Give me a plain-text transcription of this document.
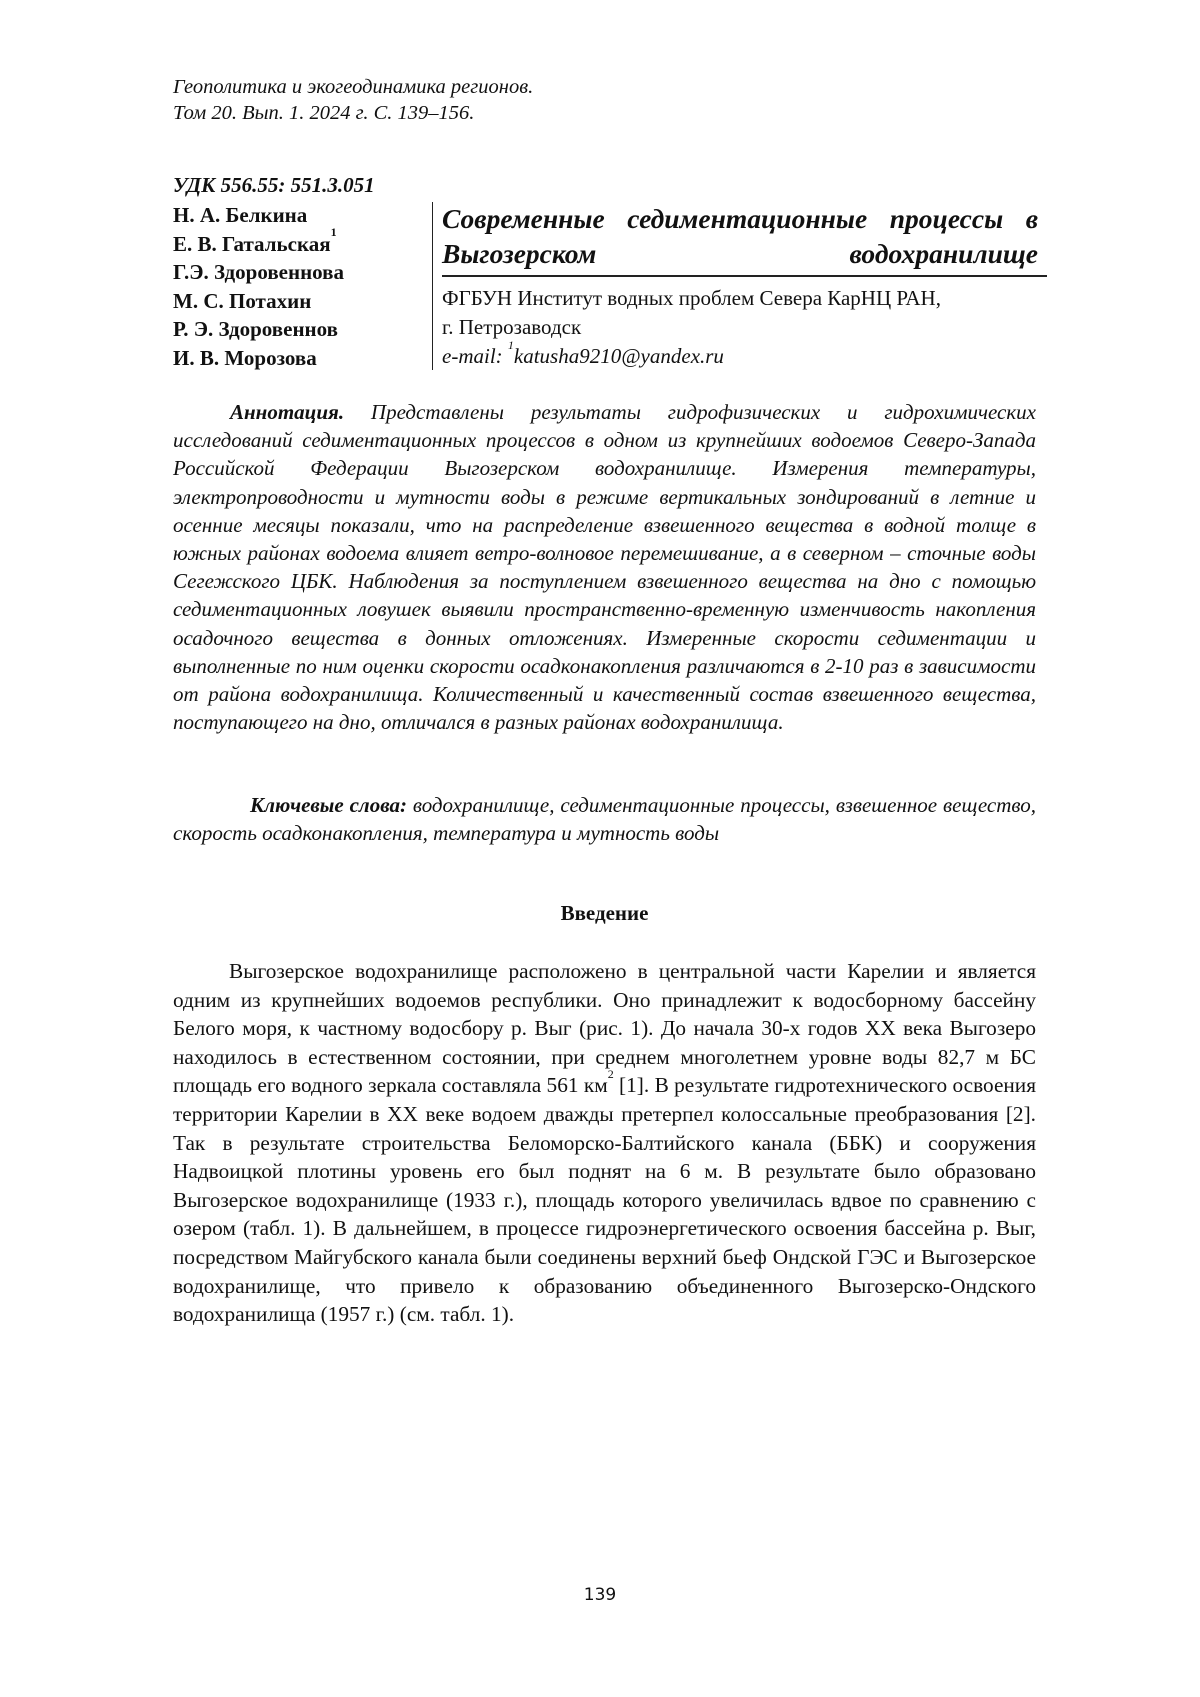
Геополитика и экогеодинамика регионов.
Том 20. Вып. 1. 2024 г. С. 139–156.
УДК 556.55: 551.3.051
Н. А. Белкина
Е. В. Гатальская$^1$
Г.Э. Здоровеннова
М. С. Потахин
Р. Э. Здоровеннов
И. В. Морозова
Современные седиментационные процессы в Выгозерском водохранилище
ФГБУН Институт водных проблем Севера КарНЦ РАН,
г. Петрозаводск
e-mail: $^1$katusha9210@yandex.ru
Аннотация. Представлены результаты гидрофизических и гидрохимических исследований седиментационных процессов в одном из крупнейших водоемов Северо-Запада Российской Федерации Выгозерском водохранилище. Измерения температуры, электропроводности и мутности воды в режиме вертикальных зондирований в летние и осенние месяцы показали, что на распределение взвешенного вещества в водной толще в южных районах водоема влияет ветро-волновое перемешивание, а в северном – сточные воды Сегежского ЦБК. Наблюдения за поступлением взвешенного вещества на дно с помощью седиментационных ловушек выявили пространственно-временную изменчивость накопления осадочного вещества в донных отложениях. Измеренные скорости седиментации и выполненные по ним оценки скорости осадконакопления различаются в 2-10 раз в зависимости от района водохранилища. Количественный и качественный состав взвешенного вещества, поступающего на дно, отличался в разных районах водохранилища.
Ключевые слова: водохранилище, седиментационные процессы, взвешенное вещество, скорость осадконакопления, температура и мутность воды
Введение
Выгозерское водохранилище расположено в центральной части Карелии и является одним из крупнейших водоемов республики. Оно принадлежит к водосборному бассейну Белого моря, к частному водосбору р. Выг (рис. 1). До начала 30-х годов XX века Выгозеро находилось в естественном состоянии, при среднем многолетнем уровне воды 82,7 м БС площадь его водного зеркала составляла 561 $км^2$ [1]. В результате гидротехнического освоения территории Карелии в XX веке водоем дважды претерпел колоссальные преобразования [2]. Так в результате строительства Беломорско-Балтийского канала (ББК) и сооружения Надвоицкой плотины уровень его был поднят на 6 м. В результате было образовано Выгозерское водохранилище (1933 г.), площадь которого увеличилась вдвое по сравнению с озером (табл. 1). В дальнейшем, в процессе гидроэнергетического освоения бассейна р. Выг, посредством Майгубского канала были соединены верхний бьеф Ондской ГЭС и Выгозерское водохранилище, что привело к образованию объединенного Выгозерско-Ондского водохранилища (1957 г.) (см. табл. 1).
139
